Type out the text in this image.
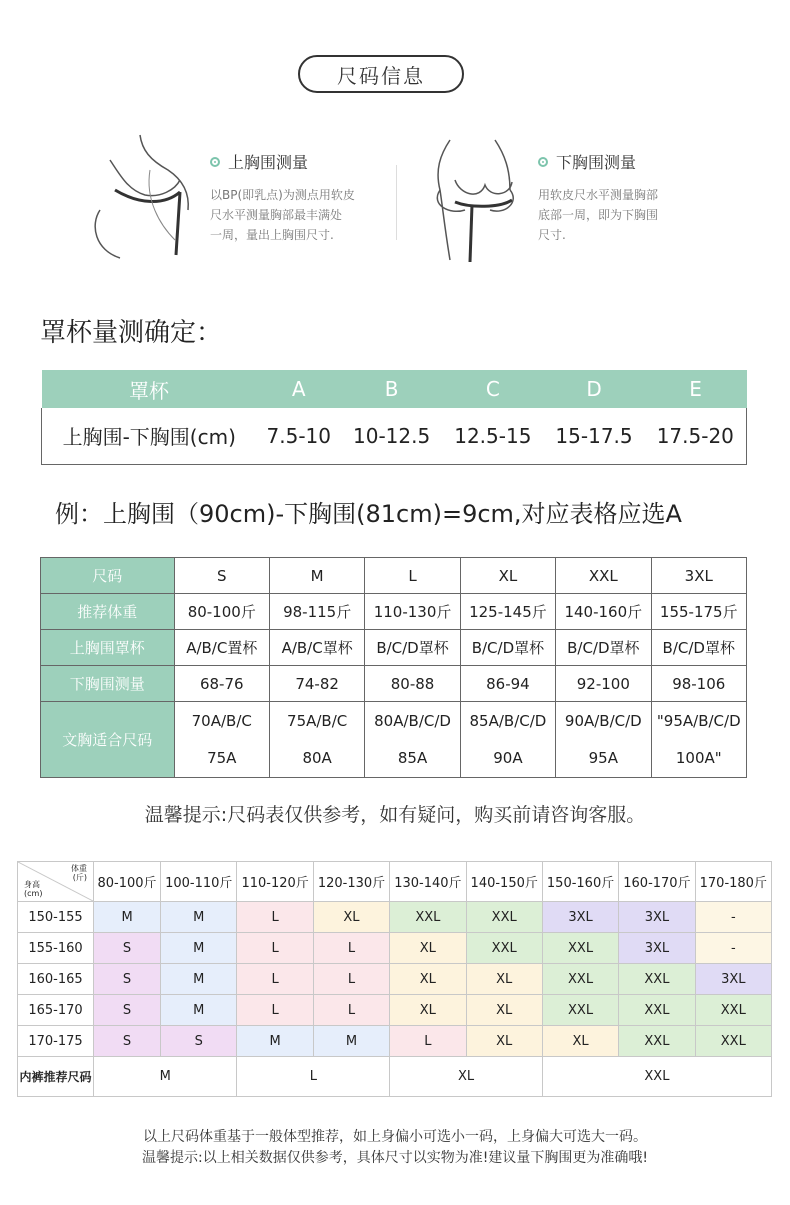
尺码信息
上胸围测量
以BP(即乳点)为测点用软皮
尺水平测量胸部最丰满处
一周，量出上胸围尺寸.
下胸围测量
用软皮尺水平测量胸部
底部一周，即为下胸围
尺寸.
罩杯量测确定：
罩杯	A	B	C	D	E
上胸围-下胸围(cm)	7.5-10	10-12.5	12.5-15	15-17.5	17.5-20
例：上胸围（90cm)-下胸围(81cm)=9cm,对应表格应选A
尺码	S	M	L	XL	XXL	3XL
推荐体重	80-100斤	98-115斤	110-130斤	125-145斤	140-160斤	155-175斤
上胸围罩杯	A/B/C置杯	A/B/C罩杯	B/C/D罩杯	B/C/D罩杯	B/C/D罩杯	B/C/D罩杯
下胸围测量	68-76	74-82	80-88	86-94	92-100	98-106
文胸适合尺码	70A/B/C	75A/B/C	80A/B/C/D	85A/B/C/D	90A/B/C/D	"95A/B/C/D
	75A	80A	85A	90A	95A	100A"
温馨提示:尺码表仅供参考，如有疑问，购买前请咨询客服。
体重
(斤)
身高
(cm)	80-100斤	100-110斤	110-120斤	120-130斤	130-140斤	140-150斤	150-160斤	160-170斤	170-180斤
150-155	M	M	L	XL	XXL	XXL	3XL	3XL	-
155-160	S	M	L	L	XL	XXL	XXL	3XL	-
160-165	S	M	L	L	XL	XL	XXL	XXL	3XL
165-170	S	M	L	L	XL	XL	XXL	XXL	XXL
170-175	S	S	M	M	L	XL	XL	XXL	XXL
内裤推荐尺码	M		L		XL		XXL		
以上尺码体重基于一般体型推荐，如上身偏小可选小一码，上身偏大可选大一码。
温馨提示:以上相关数据仅供参考，具体尺寸以实物为准!建议量下胸围更为准确哦!
